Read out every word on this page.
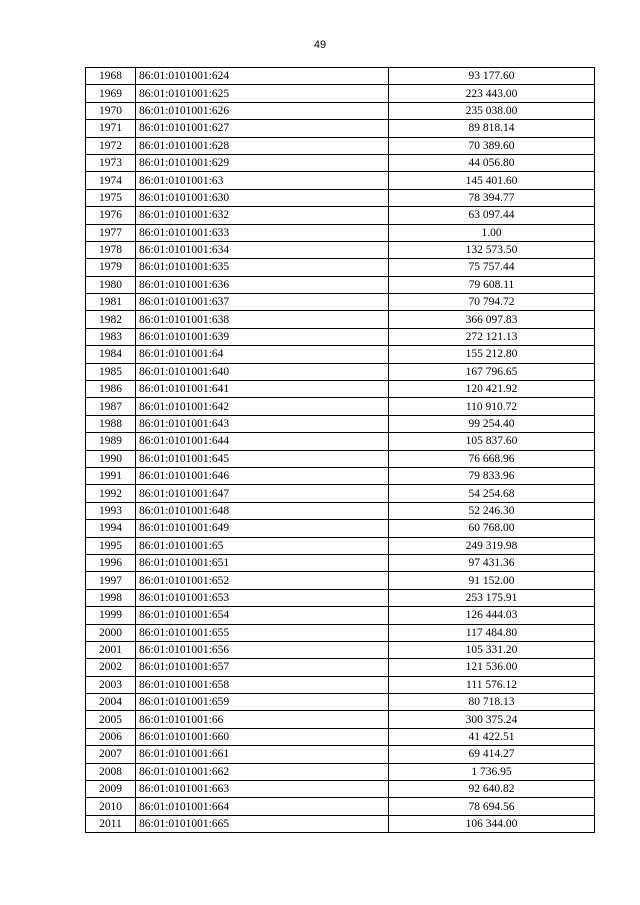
49
1968	86:01:0101001:624	93 177.60
1969	86:01:0101001:625	223 443.00
1970	86:01:0101001:626	235 038.00
1971	86:01:0101001:627	89 818.14
1972	86:01:0101001:628	70 389.60
1973	86:01:0101001:629	44 056.80
1974	86:01:0101001:63	145 401.60
1975	86:01:0101001:630	78 394.77
1976	86:01:0101001:632	63 097.44
1977	86:01:0101001:633	1.00
1978	86:01:0101001:634	132 573.50
1979	86:01:0101001:635	75 757.44
1980	86:01:0101001:636	79 608.11
1981	86:01:0101001:637	70 794.72
1982	86:01:0101001:638	366 097.83
1983	86:01:0101001:639	272 121.13
1984	86:01:0101001:64	155 212.80
1985	86:01:0101001:640	167 796.65
1986	86:01:0101001:641	120 421.92
1987	86:01:0101001:642	110 910.72
1988	86:01:0101001:643	99 254.40
1989	86:01:0101001:644	105 837.60
1990	86:01:0101001:645	76 668.96
1991	86:01:0101001:646	79 833.96
1992	86:01:0101001:647	54 254.68
1993	86:01:0101001:648	52 246.30
1994	86:01:0101001:649	60 768.00
1995	86:01:0101001:65	249 319.98
1996	86:01:0101001:651	97 431.36
1997	86:01:0101001:652	91 152.00
1998	86:01:0101001:653	253 175.91
1999	86:01:0101001:654	126 444.03
2000	86:01:0101001:655	117 484.80
2001	86:01:0101001:656	105 331.20
2002	86:01:0101001:657	121 536.00
2003	86:01:0101001:658	111 576.12
2004	86:01:0101001:659	80 718.13
2005	86:01:0101001:66	300 375.24
2006	86:01:0101001:660	41 422.51
2007	86:01:0101001:661	69 414.27
2008	86:01:0101001:662	1 736.95
2009	86:01:0101001:663	92 640.82
2010	86:01:0101001:664	78 694.56
2011	86:01:0101001:665	106 344.00
